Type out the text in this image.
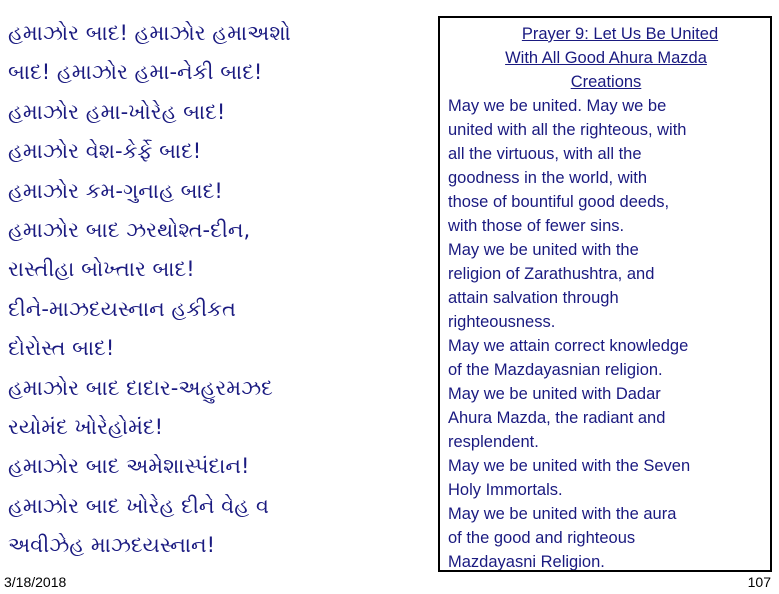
હમાઝોર બાદ! હમાઝોર હમાઅશો
બાદ! હમાઝોર હમા-નેકી બાદ!
હમાઝોર હમા-ખોરેહ બાદ!
હમાઝોર વેશ-કેર્ફે બાદ!
હમાઝોર કમ-ગુનાહ બાદ!
હમાઝોર બાદ ઝરથોશ્ત-દીન,
રાસ્તીહા બોખ્તાર બાદ!
દીને-માઝદયસ્નાન હકીકત
દોરોસ્ત બાદ!
હમાઝોર બાદ દાદાર-અહુરમઝદ
રયોમંદ ખોરેહોમંદ!
હમાઝોર બાદ અમેશાસ્પંદાન!
હમાઝોર બાદ ખોરેહ દીને વેહ વ
અવીઝેહ માઝદયસ્નાન!
3/18/2018
Prayer 9: Let Us Be United
With All Good Ahura Mazda
Creations
May we be united. May we be
united with all the righteous, with
all the virtuous, with all the
goodness in the world, with
those of bountiful good deeds,
with those of fewer sins.
May we be united with the
religion of Zarathushtra, and
attain salvation through
righteousness.
May we attain correct knowledge
of the Mazdayasnian religion.
May we be united with Dadar
Ahura Mazda, the radiant and
resplendent.
May we be united with the Seven
Holy Immortals.
May we be united with the aura
of the good and righteous
Mazdayasni Religion.
107
